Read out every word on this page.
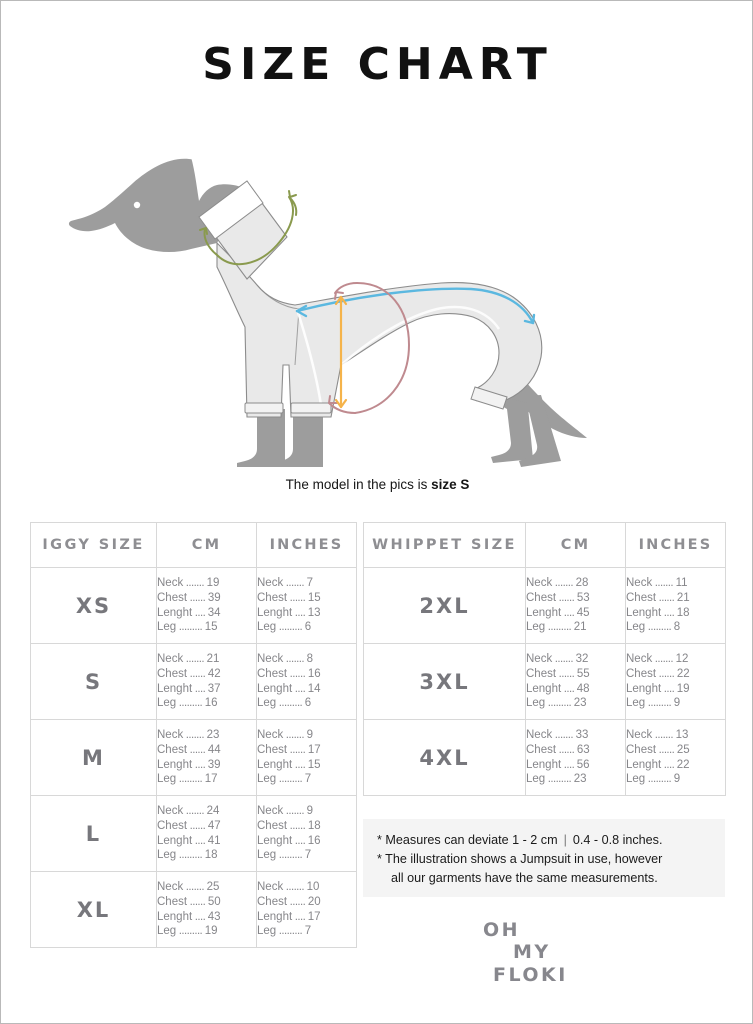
SIZE CHART
The model in the pics is size S
IGGY SIZE	CM	INCHES
XS	Neck ....... 19
Chest ...... 39
Lenght .... 34
Leg ......... 15	Neck ....... 7
Chest ...... 15
Lenght .... 13
Leg ......... 6

S	Neck ....... 21
Chest ...... 42
Lenght .... 37
Leg ......... 16	Neck ....... 8
Chest ...... 16
Lenght .... 14
Leg ......... 6

M	Neck ....... 23
Chest ...... 44
Lenght .... 39
Leg ......... 17	Neck ....... 9
Chest ...... 17
Lenght .... 15
Leg ......... 7

L	Neck ....... 24
Chest ...... 47
Lenght .... 41
Leg ......... 18	Neck ....... 9
Chest ...... 18
Lenght .... 16
Leg ......... 7

XL	Neck ....... 25
Chest ...... 50
Lenght .... 43
Leg ......... 19	Neck ....... 10
Chest ...... 20
Lenght .... 17
Leg ......... 7
WHIPPET SIZE	CM	INCHES
2XL	Neck ....... 28
Chest ...... 53
Lenght .... 45
Leg ......... 21	Neck ....... 11
Chest ...... 21
Lenght .... 18
Leg ......... 8

3XL	Neck ....... 32
Chest ...... 55
Lenght .... 48
Leg ......... 23	Neck ....... 12
Chest ...... 22
Lenght .... 19
Leg ......... 9

4XL	Neck ....... 33
Chest ...... 63
Lenght .... 56
Leg ......... 23	Neck ....... 13
Chest ...... 25
Lenght .... 22
Leg ......... 9
* Measures can deviate 1 - 2 cm | 0.4 - 0.8 inches.
* The illustration shows a Jumpsuit in use, however
all our garments have the same measurements.
OH
MY
FLOKI
